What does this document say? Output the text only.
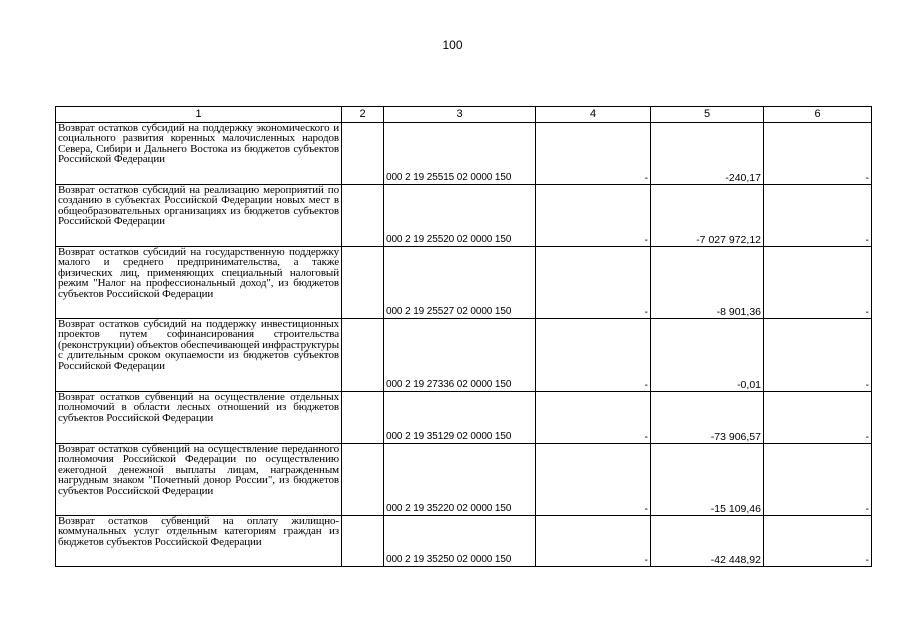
100
1	2	3	4	5	6
Возврат остатков субсидий на поддержку экономического и социального развития коренных малочисленных народов Севера, Сибири и Дальнего Востока из бюджетов субъектов Российской Федерации		000 2 19 25515 02 0000 150	-	-240,17	-
Возврат остатков субсидий на реализацию мероприятий по созданию в субъектах Российской Федерации новых мест в общеобразовательных организациях из бюджетов субъектов Российской Федерации		000 2 19 25520 02 0000 150	-	-7 027 972,12	-
Возврат остатков субсидий на государственную поддержку малого и среднего предпринимательства, а также физических лиц, применяющих специальный налоговый режим "Налог на профессиональный доход", из бюджетов субъектов Российской Федерации		000 2 19 25527 02 0000 150	-	-8 901,36	-
Возврат остатков субсидий на поддержку инвестиционных проектов путем софинансирования строительства (реконструкции) объектов обеспечивающей инфраструктуры с длительным сроком окупаемости из бюджетов субъектов Российской Федерации		000 2 19 27336 02 0000 150	-	-0,01	-
Возврат остатков субвенций на осуществление отдельных полномочий в области лесных отношений из бюджетов субъектов Российской Федерации		000 2 19 35129 02 0000 150	-	-73 906,57	-
Возврат остатков субвенций на осуществление переданного полномочия Российской Федерации по осуществлению ежегодной денежной выплаты лицам, награжденным нагрудным знаком "Почетный донор России", из бюджетов субъектов Российской Федерации		000 2 19 35220 02 0000 150	-	-15 109,46	-
Возврат остатков субвенций на оплату жилищно-коммунальных услуг отдельным категориям граждан из бюджетов субъектов Российской Федерации		000 2 19 35250 02 0000 150	-	-42 448,92	-
